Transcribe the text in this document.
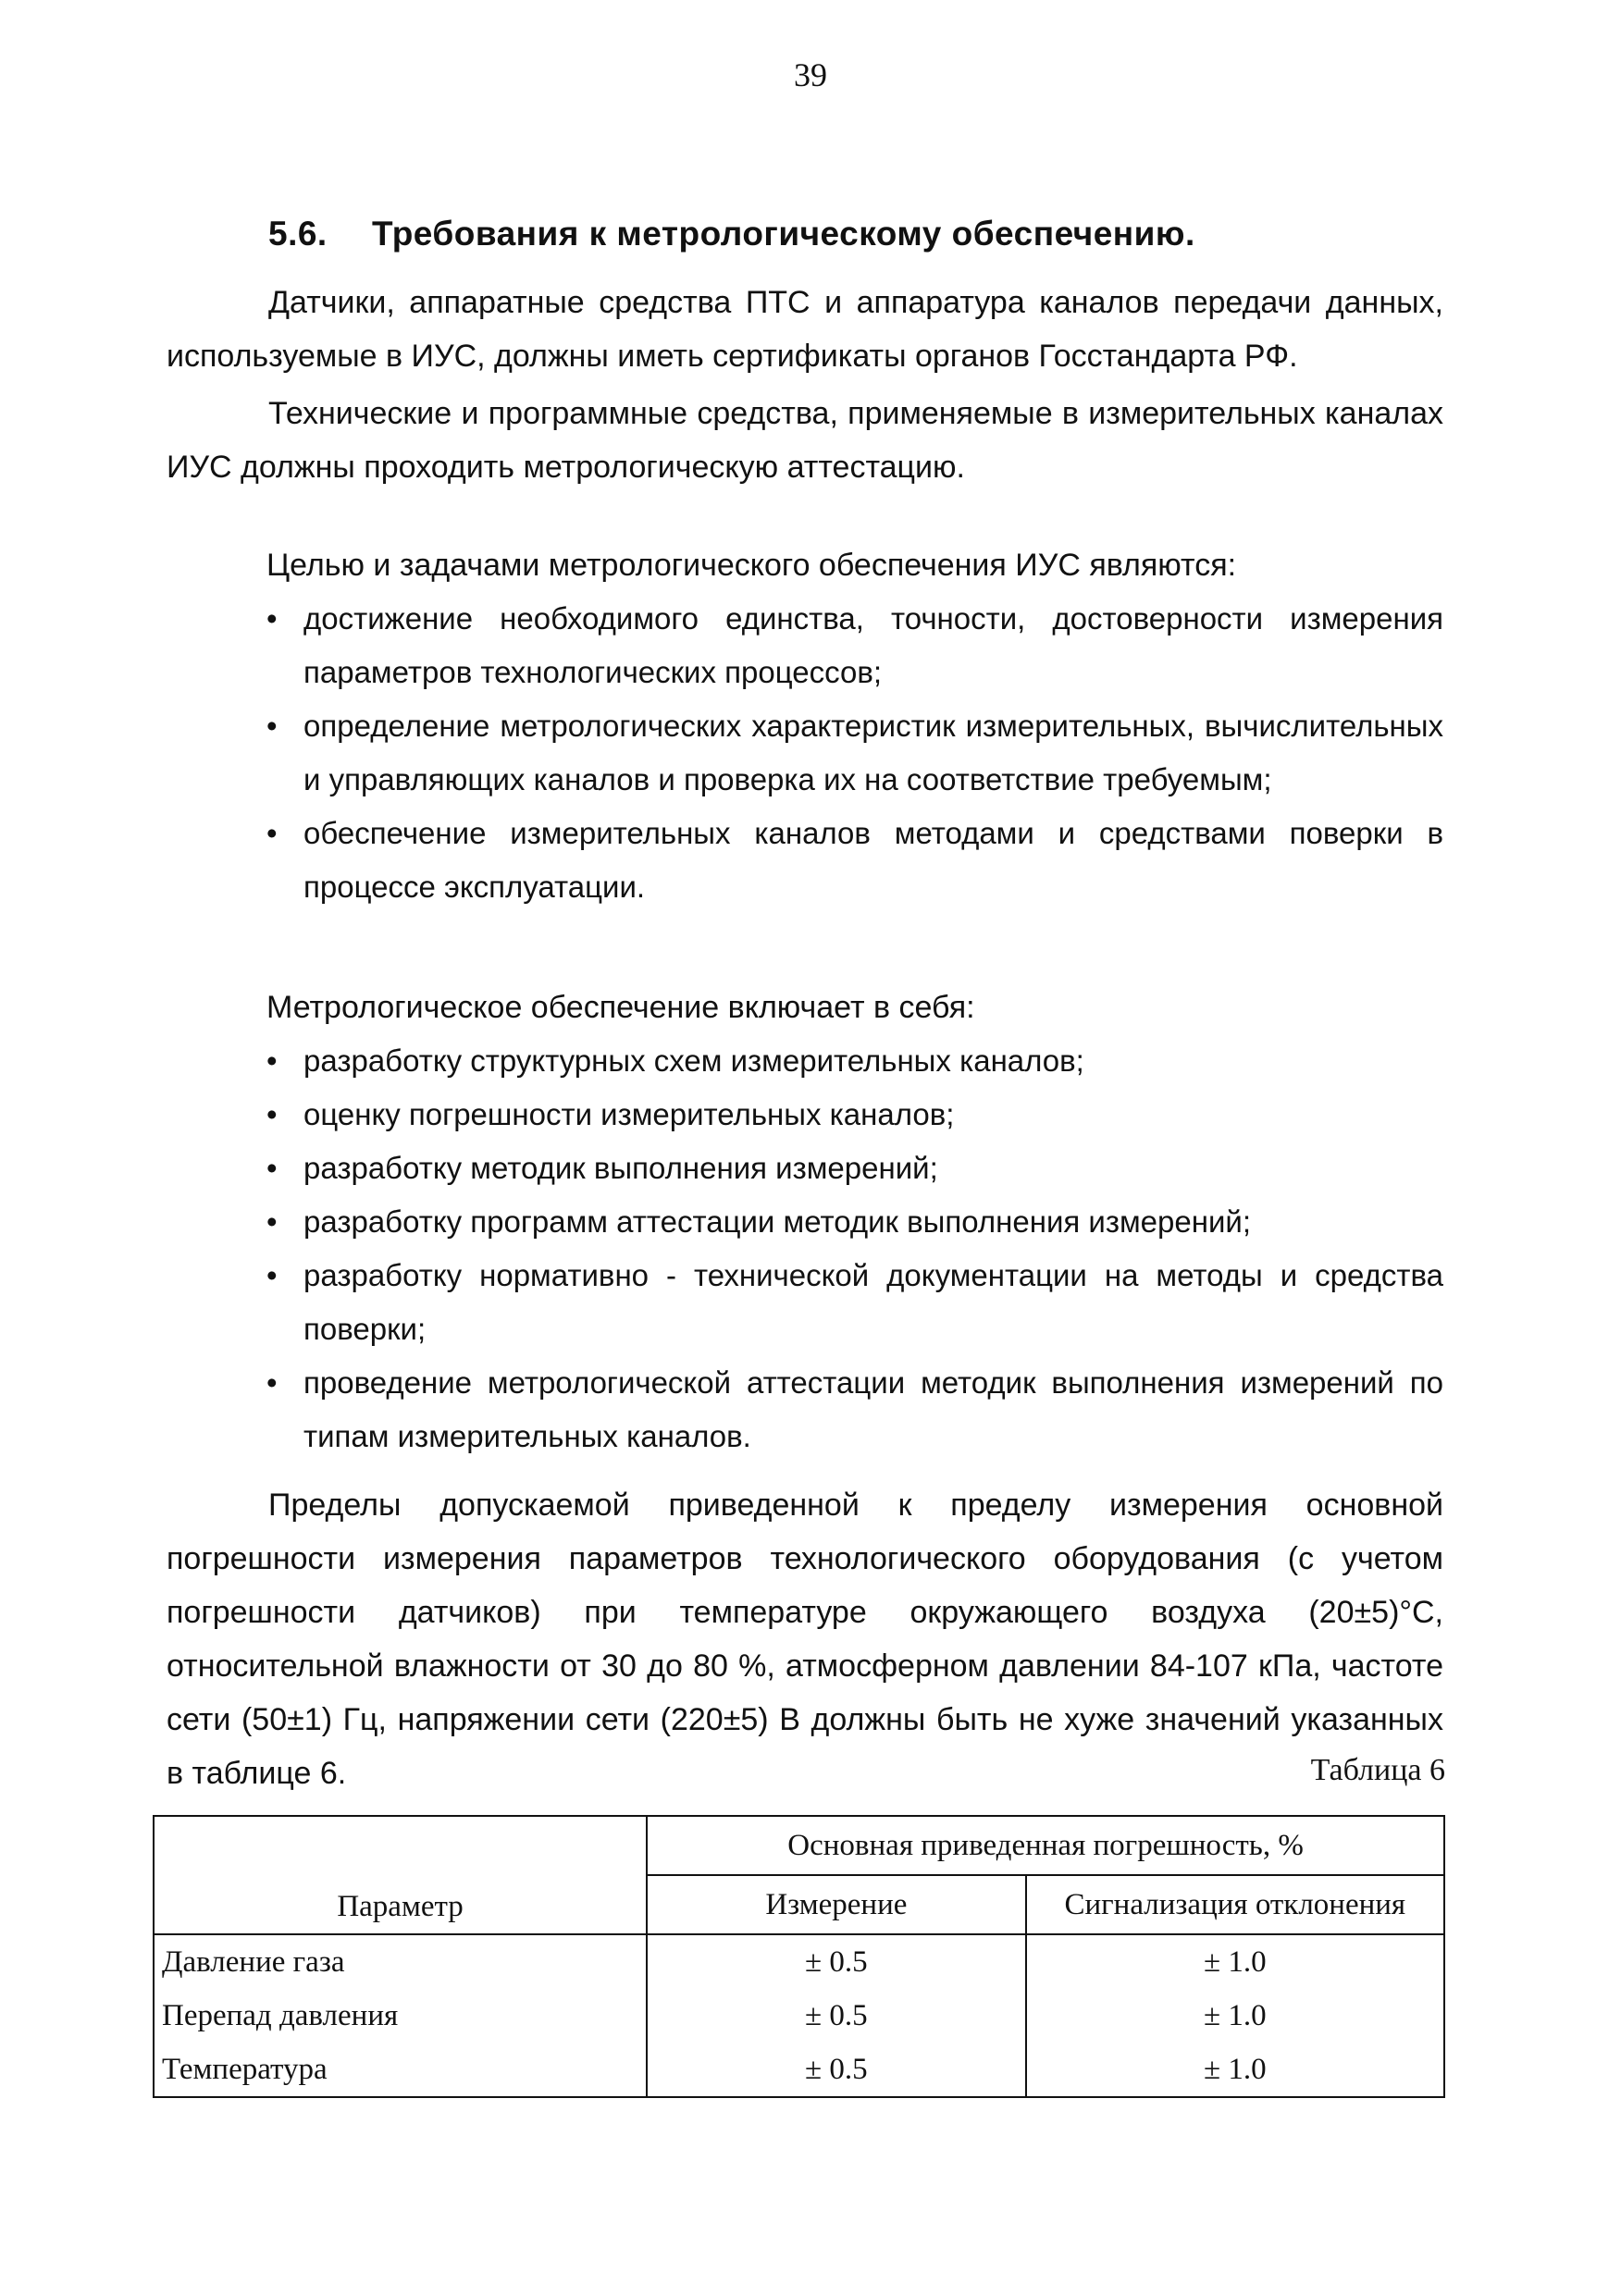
39
5.6. Требования к метрологическому обеспечению.
Датчики, аппаратные средства ПТС и аппаратура каналов передачи данных, используемые в ИУС, должны иметь сертификаты органов Госстандарта РФ.
Технические и программные средства, применяемые в измерительных каналах ИУС должны проходить метрологическую аттестацию.
Целью и задачами метрологического обеспечения ИУС являются:
• достижение необходимого единства, точности, достоверности измерения параметров технологических процессов;
• определение метрологических характеристик измерительных, вычислительных и управляющих каналов и проверка их на соответствие требуемым;
• обеспечение измерительных каналов методами и средствами поверки в процессе эксплуатации.
Метрологическое обеспечение включает в себя:
• разработку структурных схем измерительных каналов;
• оценку погрешности измерительных каналов;
• разработку методик выполнения измерений;
• разработку программ аттестации методик выполнения измерений;
• разработку нормативно - технической документации на методы и средства поверки;
• проведение метрологической аттестации методик выполнения измерений по типам измерительных каналов.
Пределы допускаемой приведенной к пределу измерения основной погрешности измерения параметров технологического оборудования (с учетом погрешности датчиков) при температуре окружающего воздуха (20±5)°С, относительной влажности от 30 до 80 %, атмосферном давлении 84-107 кПа, частоте сети (50±1) Гц, напряжении сети (220±5) В должны быть не хуже значений указанных в таблице 6.	Таблица 6
Параметр	Основная приведенная погрешность, %	
	Измерение	Сигнализация отклонения
Давление газа	± 0.5	± 1.0
Перепад давления	± 0.5	± 1.0
Температура	± 0.5	± 1.0
